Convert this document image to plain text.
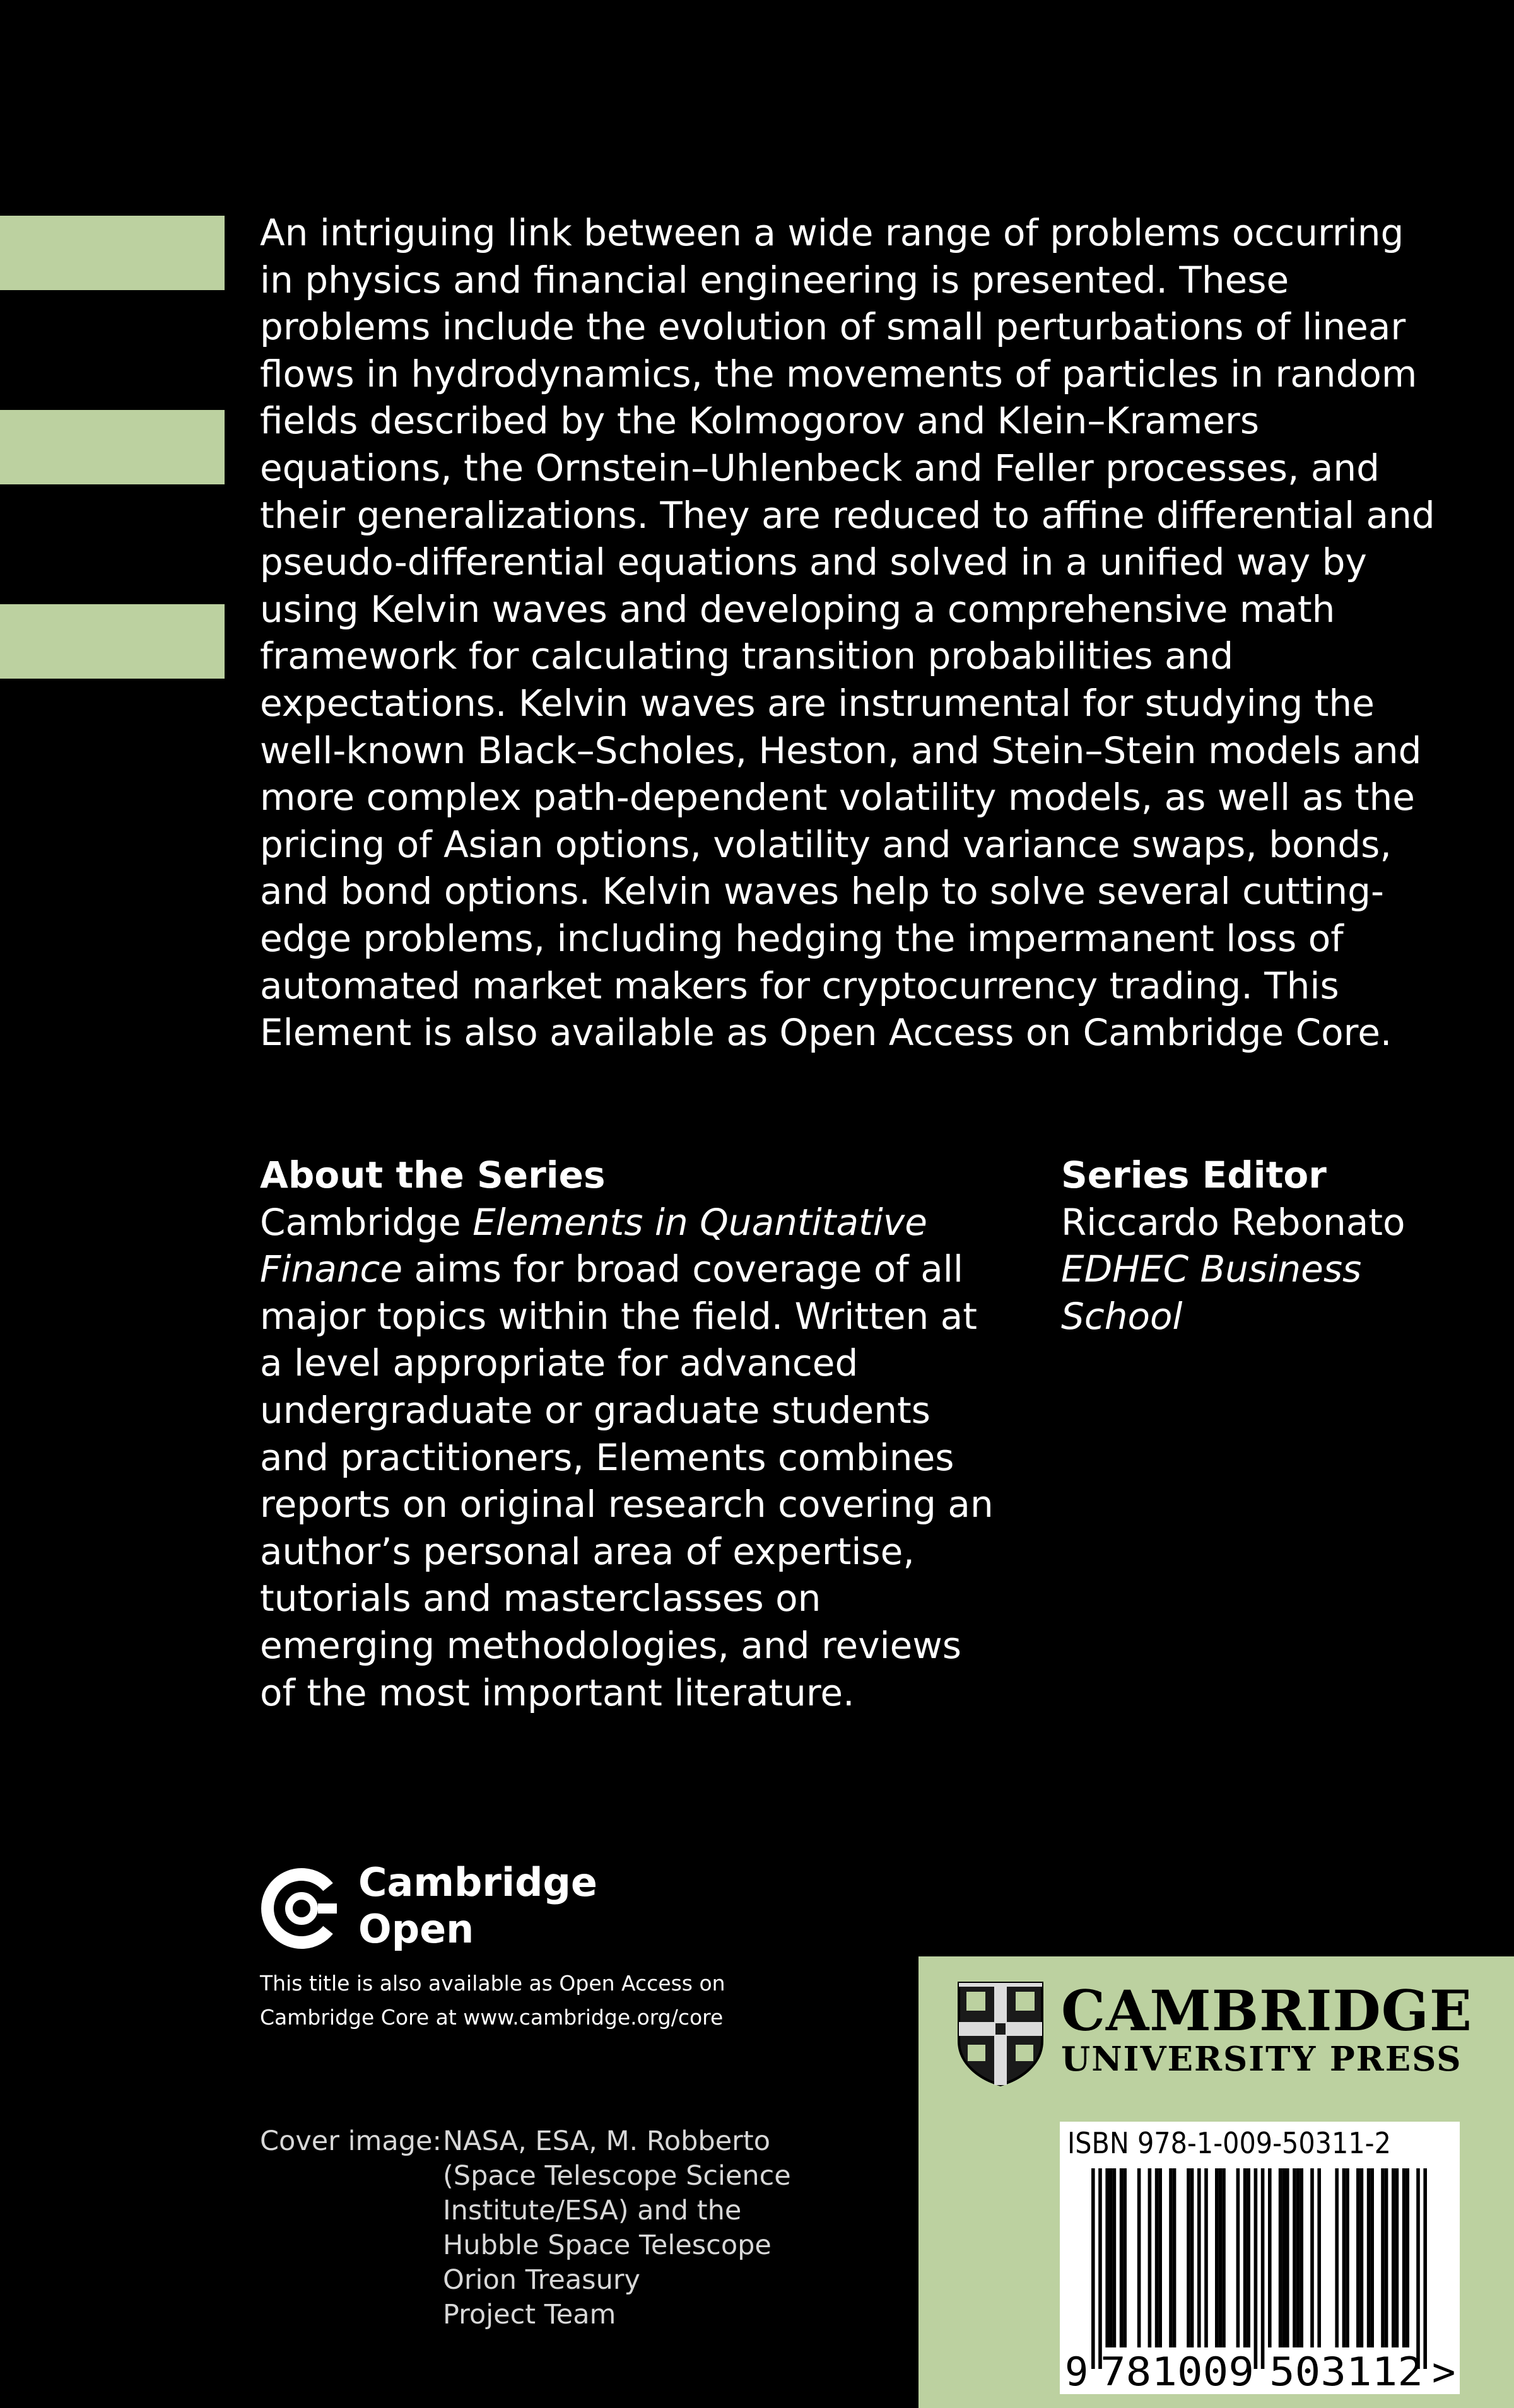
An intriguing link between a wide range of problems occurring in physics and financial engineering is presented. These problems include the evolution of small perturbations of linear flows in hydrodynamics, the movements of particles in random fields described by the Kolmogorov and Klein–Kramers equations, the Ornstein–Uhlenbeck and Feller processes, and their generalizations. They are reduced to affine differential and pseudo-differential equations and solved in a unified way by using Kelvin waves and developing a comprehensive math framework for calculating transition probabilities and expectations. Kelvin waves are instrumental for studying the well-known Black–Scholes, Heston, and Stein–Stein models and more complex path-dependent volatility models, as well as the pricing of Asian options, volatility and variance swaps, bonds, and bond options. Kelvin waves help to solve several cutting-edge problems, including hedging the impermanent loss of automated market makers for cryptocurrency trading. This Element is also available as Open Access on Cambridge Core.

About the Series

Cambridge Elements in Quantitative Finance aims for broad coverage of all major topics within the field. Written at a level appropriate for advanced undergraduate or graduate students and practitioners, Elements combines reports on original research covering an author’s personal area of expertise, tutorials and masterclasses on emerging methodologies, and reviews of the most important literature.

Series Editor
Riccardo Rebonato
EDHEC Business
School
Cambridge
Open
This title is also available as Open Access on
Cambridge Core at www.cambridge.org/core
Cover image: NASA, ESA, M. Robberto
(Space Telescope Science
Institute/ESA) and the
Hubble Space Telescope
Orion Treasury
Project Team
CAMBRIDGE
UNIVERSITY PRESS
ISBN 978-1-009-50311-2
9 781009 503112 >
